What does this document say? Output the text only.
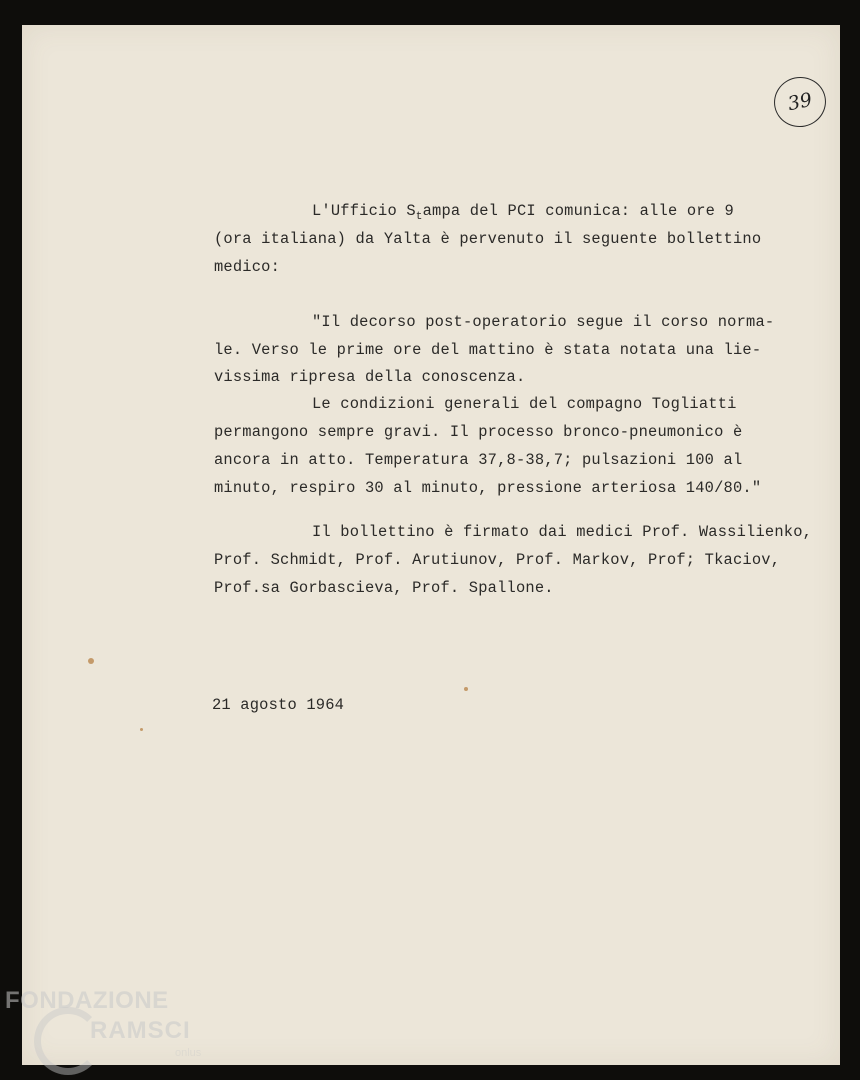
39
L'Ufficio $S_tampa$ del PCI comunica: alle ore 9
(ora italiana) da Yalta è pervenuto il seguente bollettino
medico:
"Il decorso post-operatorio segue il corso norma-
le. Verso le prime ore del mattino è stata notata una lie-
vissima ripresa della conoscenza.
Le condizioni generali del compagno Togliatti
permangono sempre gravi. Il processo bronco-pneumonico è
ancora in atto. Temperatura 37,8-38,7; pulsazioni 100 al
minuto, respiro 30 al minuto, pressione arteriosa 140/80."
Il bollettino è firmato dai medici Prof. Wassilienko,
Prof. Schmidt, Prof. Arutiunov, Prof. Markov, Prof; Tkaciov,
Prof.sa Gorbascieva, Prof. Spallone.
21 agosto 1964
FONDAZIONE
RAMSCI
onlus
